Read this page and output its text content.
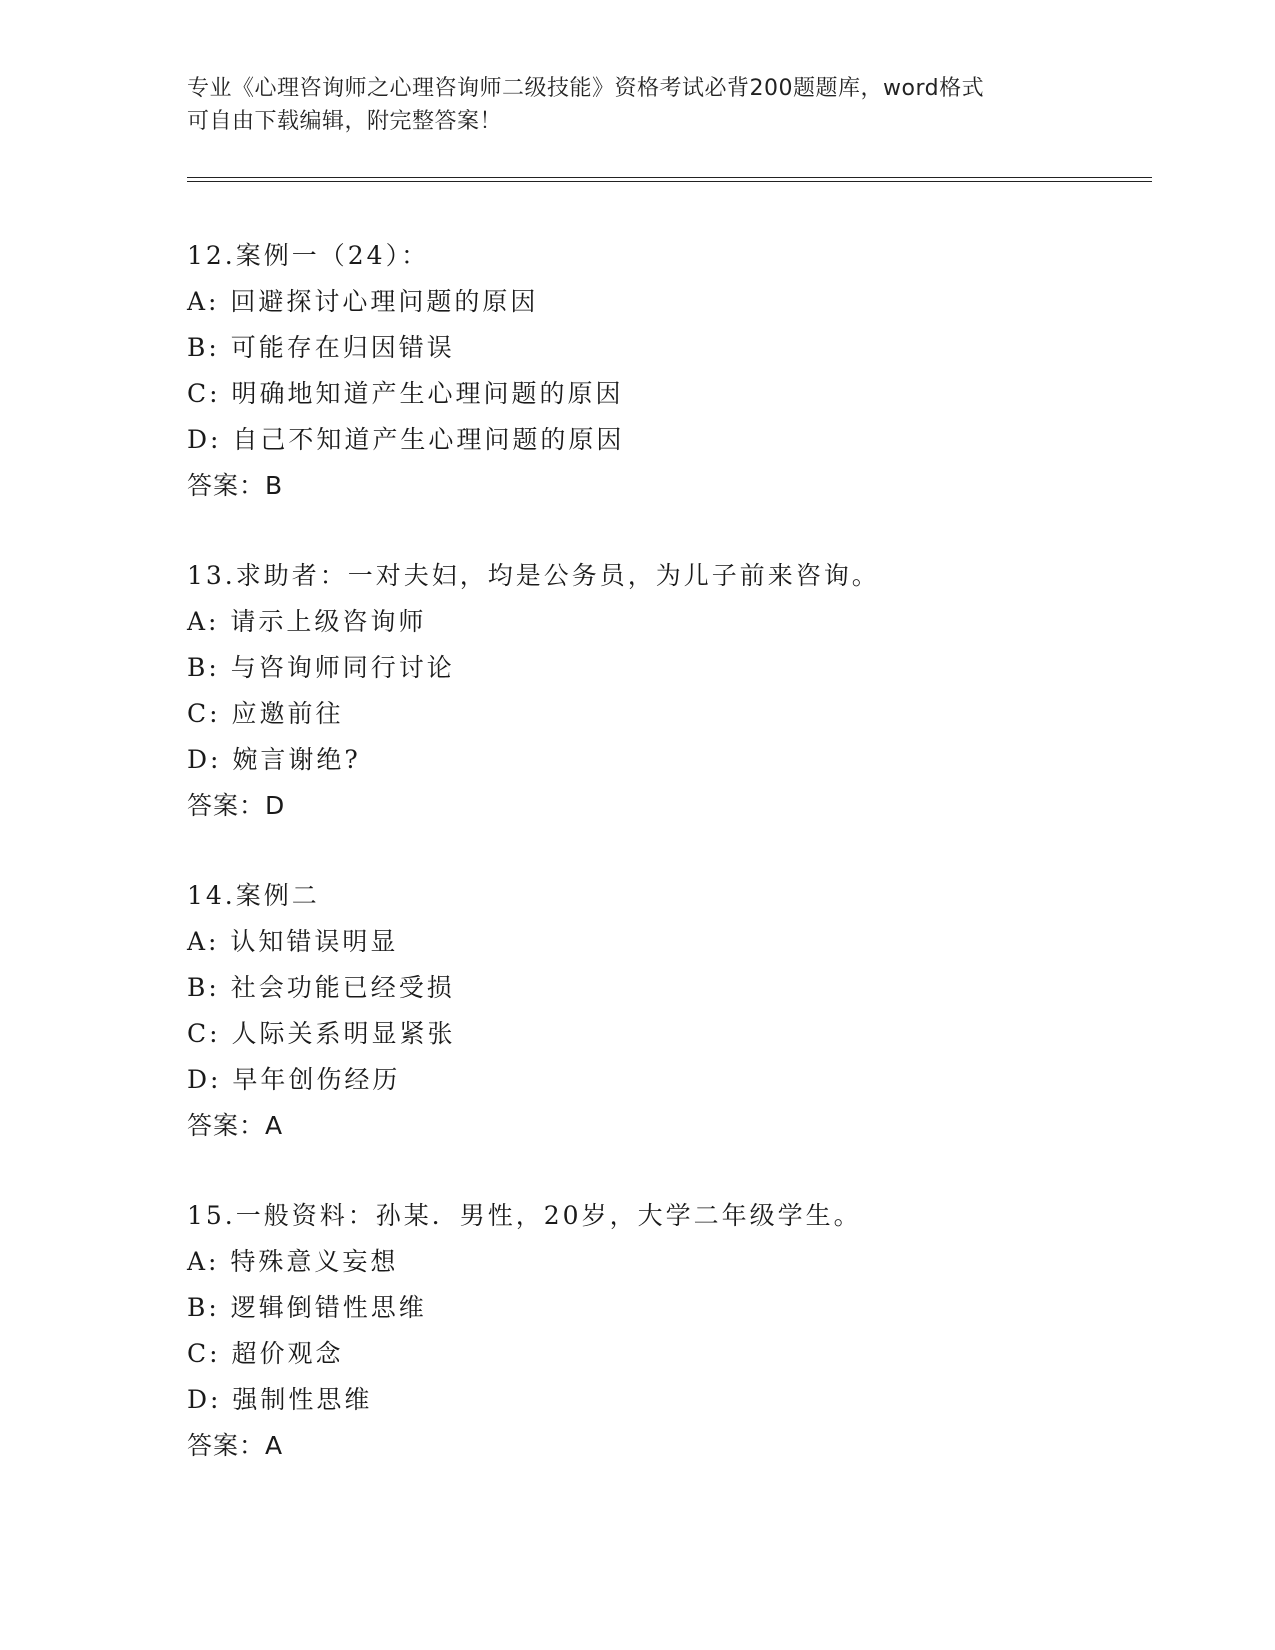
专业《心理咨询师之心理咨询师二级技能》资格考试必背200题题库，word格式
可自由下载编辑，附完整答案！
12.案例一（24）：
A: 回避探讨心理问题的原因
B: 可能存在归因错误
C: 明确地知道产生心理问题的原因
D: 自己不知道产生心理问题的原因
答案：B
13.求助者：一对夫妇，均是公务员，为儿子前来咨询。
A: 请示上级咨询师
B: 与咨询师同行讨论
C: 应邀前往
D: 婉言谢绝?
答案：D
14.案例二
A: 认知错误明显
B: 社会功能已经受损
C: 人际关系明显紧张
D: 早年创伤经历
答案：A
15.一般资料：孙某．男性，20岁，大学二年级学生。
A: 特殊意义妄想
B: 逻辑倒错性思维
C: 超价观念
D: 强制性思维
答案：A
